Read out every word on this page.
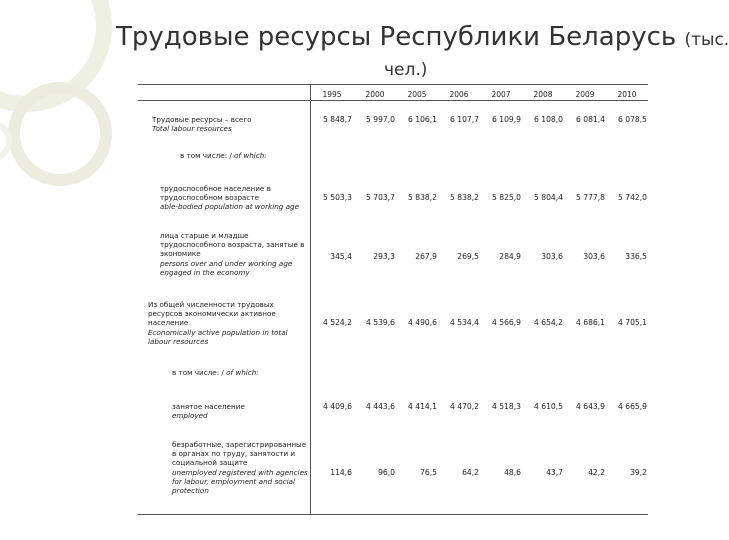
Трудовые ресурсы Республики Беларусь (тыс.
чел.)
1995	2000	2005	2006	2007	2008	2009	2010
Трудовые ресурсы – всего
Total labour resources
5 848,7	5 997,0	6 106,1	6 107,7	6 109,9	6 108,0	6 081,4	6 078,5
в том числе: / of which:
трудоспособное население в трудоспособном возрасте
able-bodied population at working age
5 503,3	5 703,7	5 838,2	5 838,2	5 825,0	5 804,4	5 777,8	5 742,0
лица старше и младше трудоспособного возраста, занятые в экономике
persons over and under working age engaged in the economy
345,4	293,3	267,9	269,5	284,9	303,6	303,6	336,5
Из общей численности трудовых ресурсов экономически активное население
Economically active population in total labour resources
4 524,2	4 539,6	4 490,6	4 534,4	4 566,9	4 654,2	4 686,1	4 705,1
в том числе: / of which:
занятое население
employed
4 409,6	4 443,6	4 414,1	4 470,2	4 518,3	4 610,5	4 643,9	4 665,9
безработные, зарегистрированные в органах по труду, занятости и социальной защите
unemployed registered with agencies for labour, employment and social protection
114,6	96,0	76,5	64,2	48,6	43,7	42,2	39,2
